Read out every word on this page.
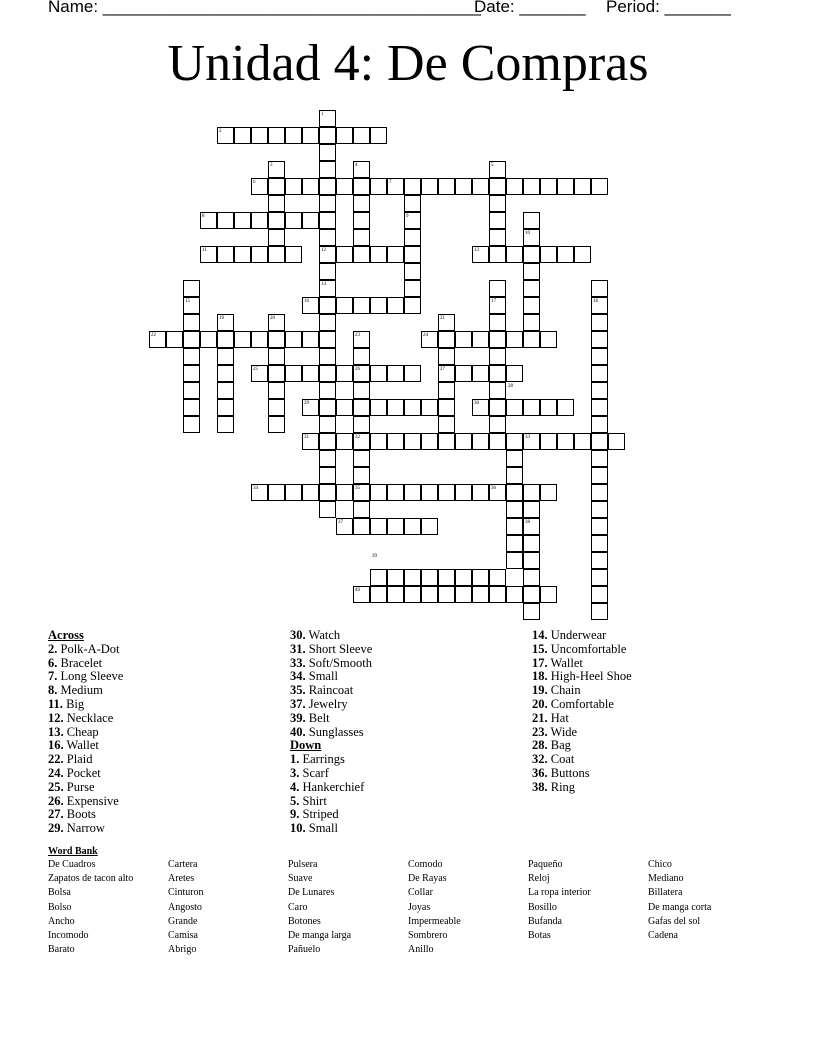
Name: ________________________________________
Date: _______ Period: _______
Unidad 4: De Compras
1
2
3	4	5
6	7
8	9
10
11	12	13
14
15	16	17	18
19	20	21
22	23	24
25	26	27
28
29	30
31	32	33
34	35	36
37	38
39
40
Across
2. Polk-A-Dot
6. Bracelet
7. Long Sleeve
8. Medium
11. Big
12. Necklace
13. Cheap
16. Wallet
22. Plaid
24. Pocket
25. Purse
26. Expensive
27. Boots
29. Narrow
30. Watch
31. Short Sleeve
33. Soft/Smooth
34. Small
35. Raincoat
37. Jewelry
39. Belt
40. Sunglasses
Down
1. Earrings
3. Scarf
4. Hankerchief
5. Shirt
9. Striped
10. Small
14. Underwear
15. Uncomfortable
17. Wallet
18. High-Heel Shoe
19. Chain
20. Comfortable
21. Hat
23. Wide
28. Bag
32. Coat
36. Buttons
38. Ring
Word Bank
De Cuadros
Zapatos de tacon alto
Bolsa
Bolso
Ancho
Incomodo
Barato
Cartera
Aretes
Cinturon
Angosto
Grande
Camisa
Abrigo
Pulsera
Suave
De Lunares
Caro
Botones
De manga larga
Pañuelo
Comodo
De Rayas
Collar
Joyas
Impermeable
Sombrero
Anillo
Paqueño
Reloj
La ropa interior
Bosillo
Bufanda
Botas
Chico
Mediano
Billatera
De manga corta
Gafas del sol
Cadena
